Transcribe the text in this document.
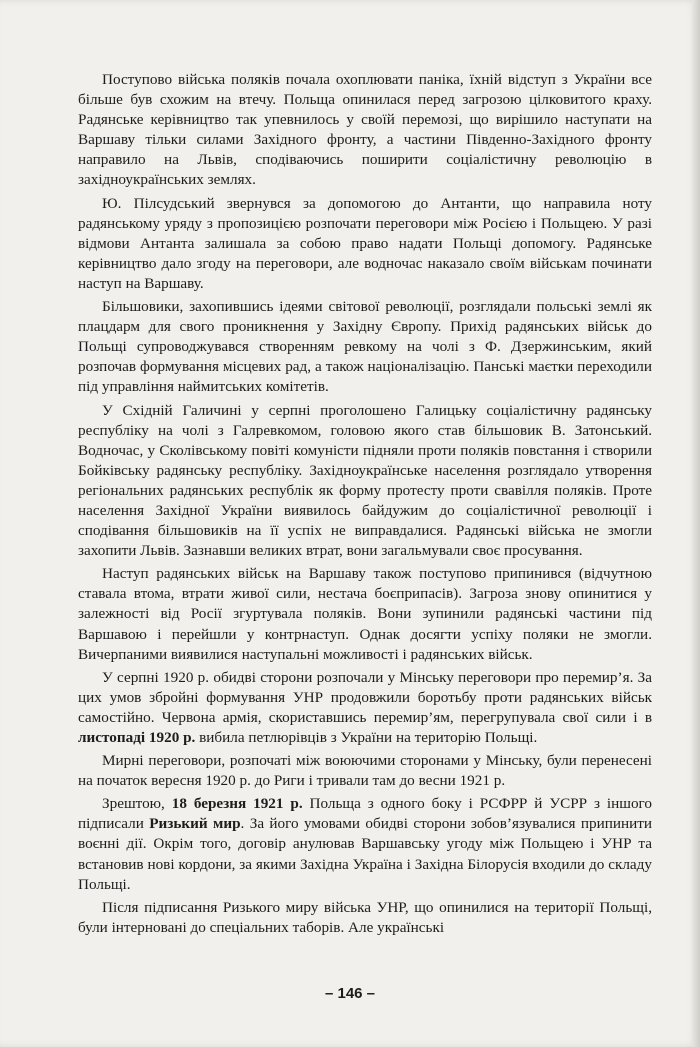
Поступово війська поляків почала охоплювати паніка, їхній відступ з України все більше був схожим на втечу. Польща опинилася перед загрозою цілковитого краху. Радянське керівництво так упевнилось у своїй перемозі, що вирішило наступати на Варшаву тільки силами Західного фронту, а частини Південно-Західного фронту направило на Львів, сподіваючись поширити соціалістичну революцію в західноукраїнських землях.

Ю. Пілсудський звернувся за допомогою до Антанти, що направила ноту радянському уряду з пропозицією розпочати переговори між Росією і Польщею. У разі відмови Антанта залишала за собою право надати Польщі допомогу. Радянське керівництво дало згоду на переговори, але водночас наказало своїм військам починати наступ на Варшаву.

Більшовики, захопившись ідеями світової революції, розглядали польські землі як плацдарм для свого проникнення у Західну Європу. Прихід радянських військ до Польщі супроводжувався створенням ревкому на чолі з Ф. Дзержинським, який розпочав формування місцевих рад, а також націоналізацію. Панські маєтки переходили під управління наймитських комітетів.

У Східній Галичині у серпні проголошено Галицьку соціалістичну радянську республіку на чолі з Галревкомом, головою якого став більшовик В. Затонський. Водночас, у Сколівському повіті комуністи підняли проти поляків повстання і створили Бойківську радянську республіку. Західноукраїнське населення розглядало утворення регіональних радянських республік як форму протесту проти свавілля поляків. Проте населення Західної України виявилось байдужим до соціалістичної революції і сподівання більшовиків на її успіх не виправдалися. Радянські війська не змогли захопити Львів. Зазнавши великих втрат, вони загальмували своє просування.

Наступ радянських військ на Варшаву також поступово припинився (відчутною ставала втома, втрати живої сили, нестача боєприпасів). Загроза знову опинитися у залежності від Росії згуртувала поляків. Вони зупинили радянські частини під Варшавою і перейшли у контрнаступ. Однак досягти успіху поляки не змогли. Вичерпаними виявилися наступальні можливості і радянських військ.

У серпні 1920 р. обидві сторони розпочали у Мінську переговори про перемир’я. За цих умов збройні формування УНР продовжили боротьбу проти радянських військ самостійно. Червона армія, скориставшись перемир’ям, перегрупувала свої сили і в листопаді 1920 р. вибила петлюрівців з України на територію Польщі.

Мирні переговори, розпочаті між воюючими сторонами у Мінську, були перенесені на початок вересня 1920 р. до Риги і тривали там до весни 1921 р.

Зрештою, 18 березня 1921 р. Польща з одного боку і РСФРР й УСРР з іншого підписали Ризький мир. За його умовами обидві сторони зобов’язувалися припинити воєнні дії. Окрім того, договір анулював Варшавську угоду між Польщею і УНР та встановив нові кордони, за якими Західна Україна і Західна Білорусія входили до складу Польщі.

Після підписання Ризького миру війська УНР, що опинилися на території Польщі, були інтерновані до спеціальних таборів. Але українські

– 146 –
